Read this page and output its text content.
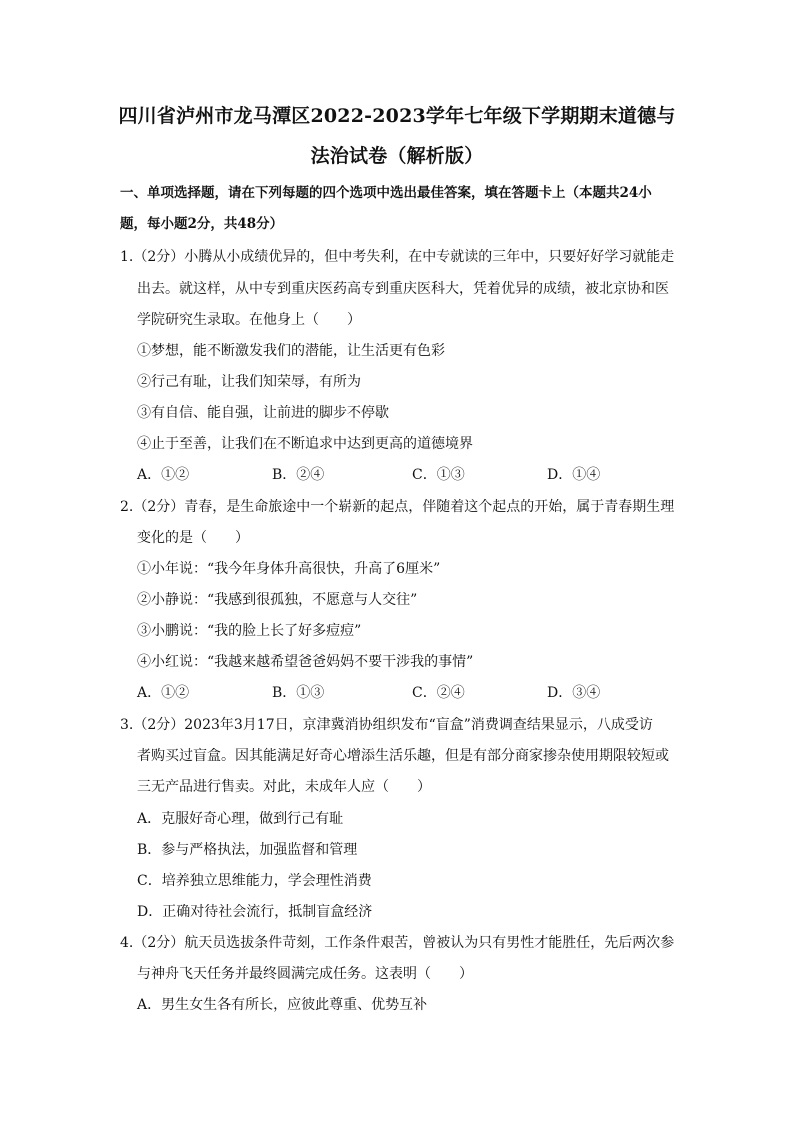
四川省泸州市龙马潭区2022-2023学年七年级下学期期末道德与
法治试卷（解析版）
一、单项选择题，请在下列每题的四个选项中选出最佳答案，填在答题卡上（本题共24小
题，每小题2分，共48分）
1.（2分）小腾从小成绩优异的，但中考失利，在中专就读的三年中，只要好好学习就能走
出去。就这样，从中专到重庆医药高专到重庆医科大，凭着优异的成绩，被北京协和医
学院研究生录取。在他身上（　　）
①梦想，能不断激发我们的潜能，让生活更有色彩
②行己有耻，让我们知荣辱，有所为
③有自信、能自强，让前进的脚步不停歇
④止于至善，让我们在不断追求中达到更高的道德境界
A．①②	B．②④	C．①③	D．①④
2.（2分）青春，是生命旅途中一个崭新的起点，伴随着这个起点的开始，属于青春期生理
变化的是（　　）
①小年说：“我今年身体升高很快，升高了6厘米”
②小静说：“我感到很孤独，不愿意与人交往”
③小鹏说：“我的脸上长了好多痘痘”
④小红说：“我越来越希望爸爸妈妈不要干涉我的事情”
A．①②	B．①③	C．②④	D．③④
3.（2分）2023年3月17日，京津冀消协组织发布“盲盒”消费调查结果显示，八成受访
者购买过盲盒。因其能满足好奇心增添生活乐趣，但是有部分商家掺杂使用期限较短或
三无产品进行售卖。对此，未成年人应（　　）
A．克服好奇心理，做到行己有耻
B．参与严格执法，加强监督和管理
C．培养独立思维能力，学会理性消费
D．正确对待社会流行，抵制盲盒经济
4.（2分）航天员选拔条件苛刻，工作条件艰苦，曾被认为只有男性才能胜任，先后两次参
与神舟飞天任务并最终圆满完成任务。这表明（　　）
A．男生女生各有所长，应彼此尊重、优势互补
